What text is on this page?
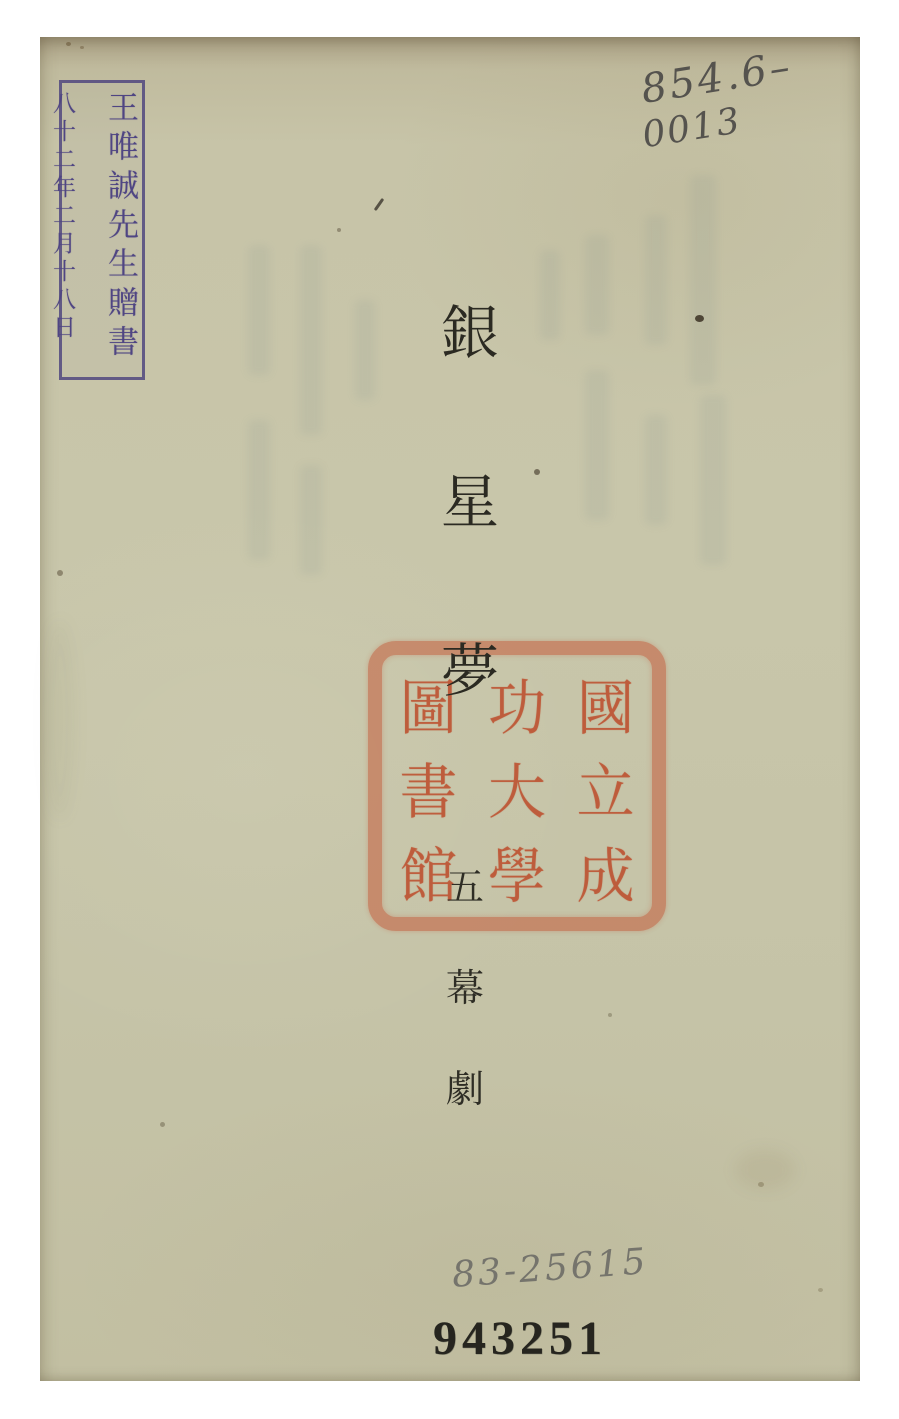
王唯誠先生贈書
八十二年二月十八日
854.6–
0013
銀
星
夢
圖 功 國
書 大 立
館 學 成
五
幕
劇
83-25615
943251
